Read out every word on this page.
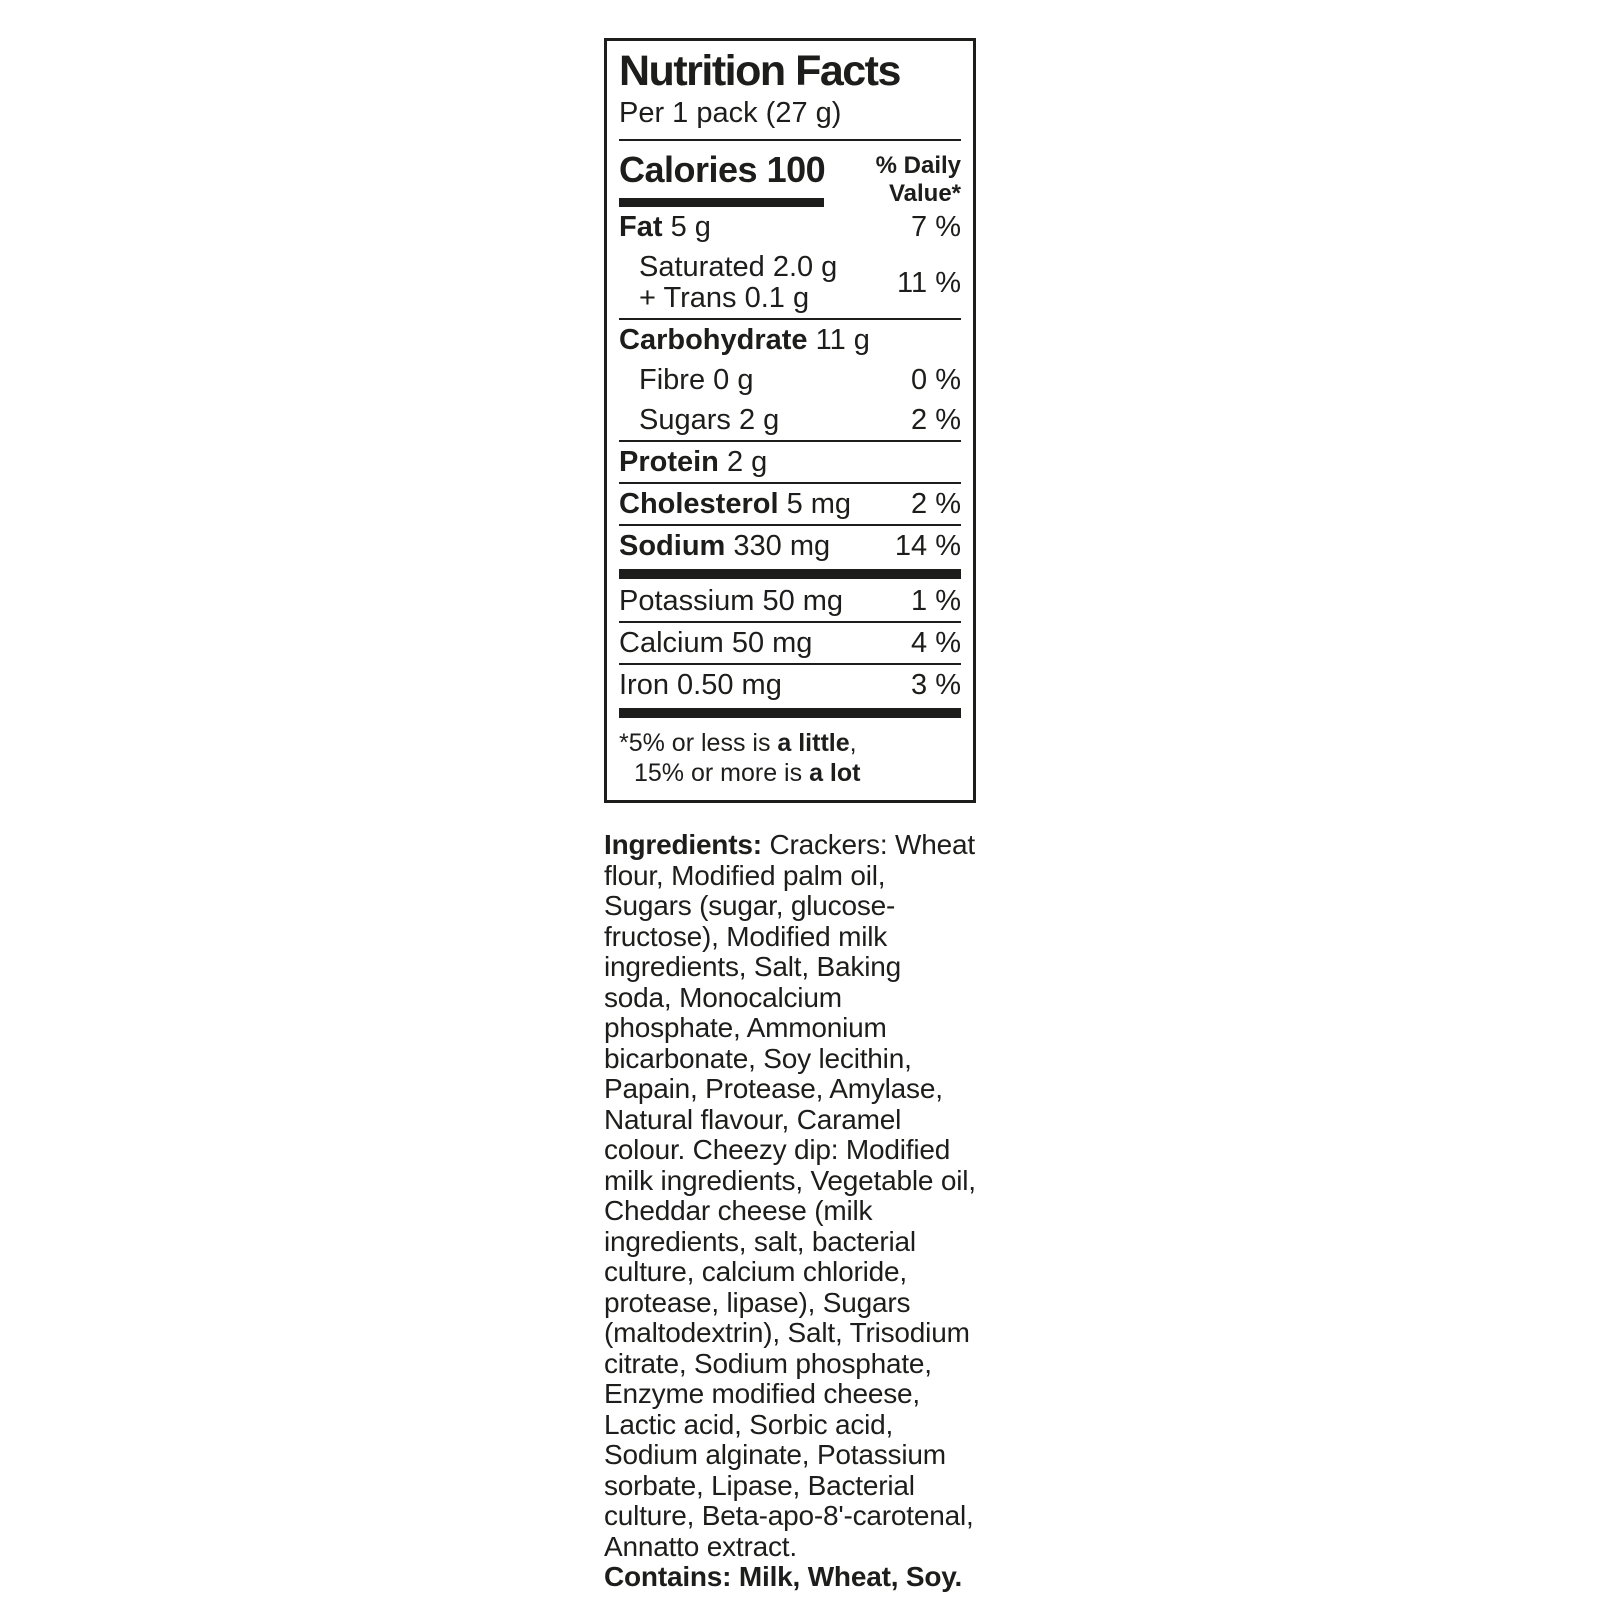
Nutrition Facts
Per 1 pack (27 g)
Calories 100 % Daily
Value*
Fat 5 g	7 %
Saturated 2.0 g
+ Trans 0.1 g	11 %
Carbohydrate 11 g
Fibre 0 g	0 %
Sugars 2 g	2 %
Protein 2 g
Cholesterol 5 mg 2 %
Sodium 330 mg 14 %
Potassium 50 mg 1 %
Calcium 50 mg	4 %
Iron 0.50 mg	3 %
*5% or less is a little,
15% or more is a lot
Ingredients: Crackers: Wheat flour, Modified palm oil, Sugars (sugar, glucose-fructose), Modified milk ingredients, Salt, Baking soda, Monocalcium phosphate, Ammonium bicarbonate, Soy lecithin, Papain, Protease, Amylase, Natural flavour, Caramel colour. Cheezy dip: Modified milk ingredients, Vegetable oil, Cheddar cheese (milk ingredients, salt, bacterial culture, calcium chloride, protease, lipase), Sugars (maltodextrin), Salt, Trisodium citrate, Sodium phosphate, Enzyme modified cheese, Lactic acid, Sorbic acid, Sodium alginate, Potassium sorbate, Lipase, Bacterial culture, Beta-apo-8'-carotenal, Annatto extract.
Contains: Milk, Wheat, Soy.
